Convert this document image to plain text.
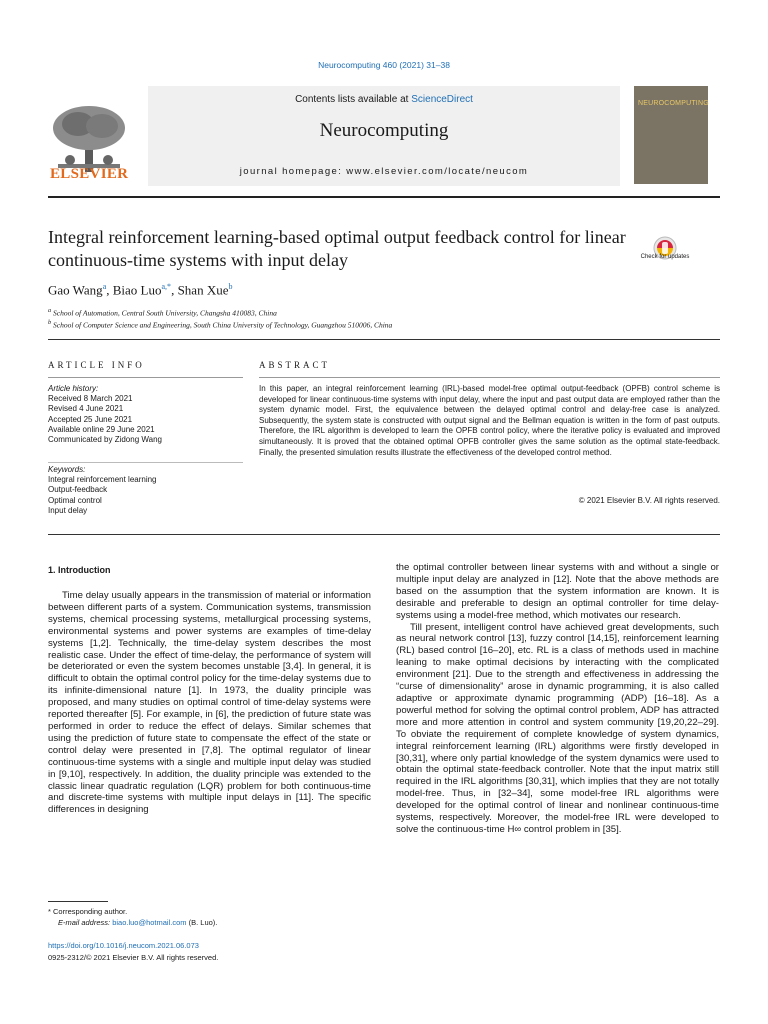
Neurocomputing 460 (2021) 31–38
ELSEVIER
Contents lists available at ScienceDirect
Neurocomputing
journal homepage: www.elsevier.com/locate/neucom
NEUROCOMPUTING
Integral reinforcement learning-based optimal output feedback control for linear continuous-time systems with input delay	Check for updates
Gao Wang$^a$, Biao Luo$^{a,*}$, Shan Xue$^b$
$^a$ School of Automation, Central South University, Changsha 410083, China
$^b$ School of Computer Science and Engineering, South China University of Technology, Guangzhou 510006, China
ARTICLE INFO	ABSTRACT
Article history:
Received 8 March 2021
Revised 4 June 2021
Accepted 25 June 2021
Available online 29 June 2021
Communicated by Zidong Wang
Keywords:
Integral reinforcement learning
Output-feedback
Optimal control
Input delay
In this paper, an integral reinforcement learning (IRL)-based model-free optimal output-feedback (OPFB) control scheme is developed for linear continuous-time systems with input delay, where the input and past output data are employed rather than the system dynamic model. First, the equivalence between the delayed optimal control and delay-free case is analyzed. Subsequently, the system state is constructed with output signal and the Bellman equation is written in the form of past outputs. Therefore, the IRL algorithm is developed to learn the OPFB control policy, where the iterative policy is evaluated and improved simultaneously. It is proved that the obtained optimal OPFB controller gives the same solution as the optimal state-feedback. Finally, the presented simulation results illustrate the effectiveness of the developed control method.
© 2021 Elsevier B.V. All rights reserved.
1. Introduction

Time delay usually appears in the transmission of material or information between different parts of a system. Communication systems, transmission systems, chemical processing systems, metallurgical processing systems, environmental systems and power systems are examples of time-delay systems [1,2]. Technically, the time-delay system describes the most realistic case. Under the effect of time-delay, the performance of system will be deteriorated or even the system becomes unstable [3,4]. In general, it is difficult to obtain the optimal control policy for the time-delay systems due to its infinite-dimensional nature [1]. In 1973, the duality principle was proposed, and many studies on optimal control of time-delay systems were reported thereafter [5]. For example, in [6], the prediction of future state was performed in order to reduce the effect of delays. Similar schemes that using the prediction of future state to compensate the effect of the state or control delay were presented in [7,8]. The optimal regulator of linear continuous-time systems with a single and multiple input delay was studied in [9,10], respectively. In addition, the duality principle was extended to the classic linear quadratic regulation (LQR) problem for both continuous-time and discrete-time systems with multiple input delays in [11]. The specific differences in designing

the optimal controller between linear systems with and without a single or multiple input delay are analyzed in [12]. Note that the above methods are based on the assumption that the system information are known. It is desirable and preferable to design an optimal controller for time delay-systems using a model-free method, which motivates our research.

Till present, intelligent control have achieved great developments, such as neural network control [13], fuzzy control [14,15], reinforcement learning (RL) based control [16–20], etc. RL is a class of methods used in machine leaning to make optimal decisions by interacting with the complicated environment [21]. Due to the strength and effectiveness in addressing the “curse of dimensionality” arose in dynamic programming, it is also called adaptive or approximate dynamic programming (ADP) [16–18]. As a powerful method for solving the optimal control problem, ADP has attracted more and more attention in control and system community [19,20,22–29]. To obviate the requirement of complete knowledge of system dynamics, integral reinforcement learning (IRL) algorithms were firstly developed in [30,31], where only partial knowledge of the system dynamics were used to obtain the optimal state-feedback controller. Note that the input matrix still required in the IRL algorithms [30,31], which implies that they are not totally model-free. Thus, in [32–34], some model-free IRL algorithms were developed for the optimal control of linear and nonlinear continuous-time systems, respectively. Moreover, the model-free IRL were developed to solve the continuous-time H∞ control problem in [35].

* Corresponding author.
E-mail address: biao.luo@hotmail.com (B. Luo).
https://doi.org/10.1016/j.neucom.2021.06.073
0925-2312/© 2021 Elsevier B.V. All rights reserved.
